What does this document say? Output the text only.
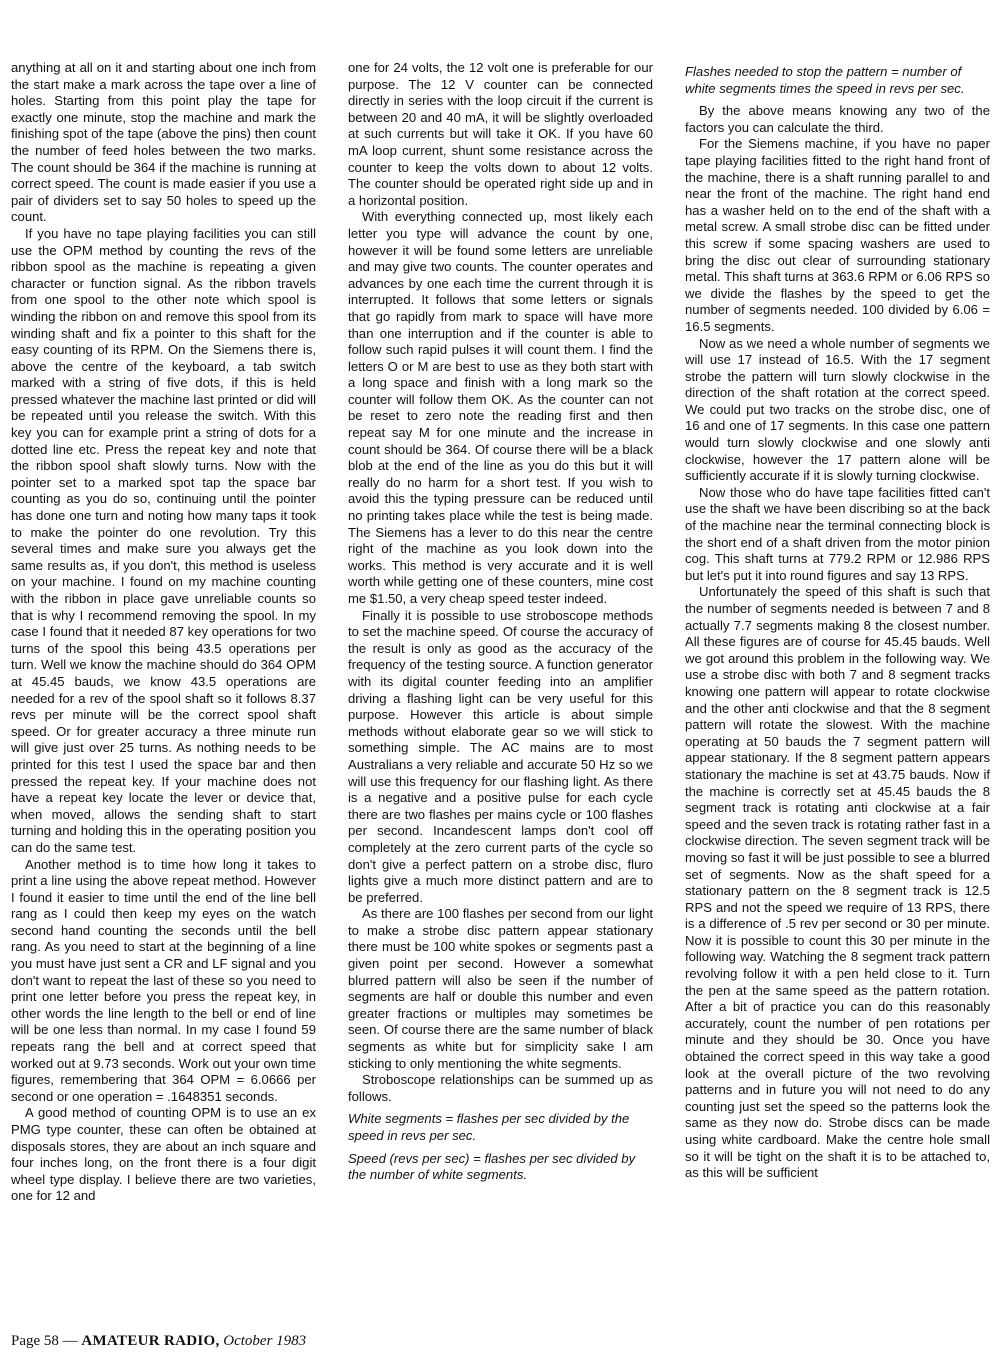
anything at all on it and starting about one inch from the start make a mark across the tape over a line of holes. Starting from this point play the tape for exactly one minute, stop the machine and mark the finishing spot of the tape (above the pins) then count the number of feed holes between the two marks. The count should be 364 if the machine is running at correct speed. The count is made easier if you use a pair of dividers set to say 50 holes to speed up the count.

If you have no tape playing facilities you can still use the OPM method by counting the revs of the ribbon spool as the machine is repeating a given character or function signal. As the ribbon travels from one spool to the other note which spool is winding the ribbon on and remove this spool from its winding shaft and fix a pointer to this shaft for the easy counting of its RPM. On the Siemens there is, above the centre of the keyboard, a tab switch marked with a string of five dots, if this is held pressed whatever the machine last printed or did will be repeated until you release the switch. With this key you can for example print a string of dots for a dotted line etc. Press the repeat key and note that the ribbon spool shaft slowly turns. Now with the pointer set to a marked spot tap the space bar counting as you do so, continuing until the pointer has done one turn and noting how many taps it took to make the pointer do one revolution. Try this several times and make sure you always get the same results as, if you don't, this method is useless on your machine. I found on my machine counting with the ribbon in place gave unreliable counts so that is why I recommend removing the spool. In my case I found that it needed 87 key operations for two turns of the spool this being 43.5 operations per turn. Well we know the machine should do 364 OPM at 45.45 bauds, we know 43.5 operations are needed for a rev of the spool shaft so it follows 8.37 revs per minute will be the correct spool shaft speed. Or for greater accuracy a three minute run will give just over 25 turns. As nothing needs to be printed for this test I used the space bar and then pressed the repeat key. If your machine does not have a repeat key locate the lever or device that, when moved, allows the sending shaft to start turning and holding this in the operating position you can do the same test.

Another method is to time how long it takes to print a line using the above repeat method. However I found it easier to time until the end of the line bell rang as I could then keep my eyes on the watch second hand counting the seconds until the bell rang. As you need to start at the beginning of a line you must have just sent a CR and LF signal and you don't want to repeat the last of these so you need to print one letter before you press the repeat key, in other words the line length to the bell or end of line will be one less than normal. In my case I found 59 repeats rang the bell and at correct speed that worked out at 9.73 seconds. Work out your own time figures, remembering that 364 OPM = 6.0666 per second or one operation = .1648351 seconds.

A good method of counting OPM is to use an ex PMG type counter, these can often be obtained at disposals stores, they are about an inch square and four inches long, on the front there is a four digit wheel type display. I believe there are two varieties, one for 12 and

one for 24 volts, the 12 volt one is preferable for our purpose. The 12 V counter can be connected directly in series with the loop circuit if the current is between 20 and 40 mA, it will be slightly overloaded at such currents but will take it OK. If you have 60 mA loop current, shunt some resistance across the counter to keep the volts down to about 12 volts. The counter should be operated right side up and in a horizontal position.

With everything connected up, most likely each letter you type will advance the count by one, however it will be found some letters are unreliable and may give two counts. The counter operates and advances by one each time the current through it is interrupted. It follows that some letters or signals that go rapidly from mark to space will have more than one interruption and if the counter is able to follow such rapid pulses it will count them. I find the letters O or M are best to use as they both start with a long space and finish with a long mark so the counter will follow them OK. As the counter can not be reset to zero note the reading first and then repeat say M for one minute and the increase in count should be 364. Of course there will be a black blob at the end of the line as you do this but it will really do no harm for a short test. If you wish to avoid this the typing pressure can be reduced until no printing takes place while the test is being made. The Siemens has a lever to do this near the centre right of the machine as you look down into the works. This method is very accurate and it is well worth while getting one of these counters, mine cost me $1.50, a very cheap speed tester indeed.

Finally it is possible to use stroboscope methods to set the machine speed. Of course the accuracy of the result is only as good as the accuracy of the frequency of the testing source. A function generator with its digital counter feeding into an amplifier driving a flashing light can be very useful for this purpose. However this article is about simple methods without elaborate gear so we will stick to something simple. The AC mains are to most Australians a very reliable and accurate 50 Hz so we will use this frequency for our flashing light. As there is a negative and a positive pulse for each cycle there are two flashes per mains cycle or 100 flashes per second. Incandescent lamps don't cool off completely at the zero current parts of the cycle so don't give a perfect pattern on a strobe disc, fluro lights give a much more distinct pattern and are to be preferred.

As there are 100 flashes per second from our light to make a strobe disc pattern appear stationary there must be 100 white spokes or segments past a given point per second. However a somewhat blurred pattern will also be seen if the number of segments are half or double this number and even greater fractions or multiples may sometimes be seen. Of course there are the same number of black segments as white but for simplicity sake I am sticking to only mentioning the white segments.

Stroboscope relationships can be summed up as follows.

White segments = flashes per sec divided by the speed in revs per sec.

Speed (revs per sec) = flashes per sec divided by the number of white segments.

Flashes needed to stop the pattern = number of white segments times the speed in revs per sec.

By the above means knowing any two of the factors you can calculate the third.

For the Siemens machine, if you have no paper tape playing facilities fitted to the right hand front of the machine, there is a shaft running parallel to and near the front of the machine. The right hand end has a washer held on to the end of the shaft with a metal screw. A small strobe disc can be fitted under this screw if some spacing washers are used to bring the disc out clear of surrounding stationary metal. This shaft turns at 363.6 RPM or 6.06 RPS so we divide the flashes by the speed to get the number of segments needed. 100 divided by 6.06 = 16.5 segments.

Now as we need a whole number of segments we will use 17 instead of 16.5. With the 17 segment strobe the pattern will turn slowly clockwise in the direction of the shaft rotation at the correct speed. We could put two tracks on the strobe disc, one of 16 and one of 17 segments. In this case one pattern would turn slowly clockwise and one slowly anti clockwise, however the 17 pattern alone will be sufficiently accurate if it is slowly turning clockwise.

Now those who do have tape facilities fitted can't use the shaft we have been discribing so at the back of the machine near the terminal connecting block is the short end of a shaft driven from the motor pinion cog. This shaft turns at 779.2 RPM or 12.986 RPS but let's put it into round figures and say 13 RPS.

Unfortunately the speed of this shaft is such that the number of segments needed is between 7 and 8 actually 7.7 segments making 8 the closest number. All these figures are of course for 45.45 bauds. Well we got around this problem in the following way. We use a strobe disc with both 7 and 8 segment tracks knowing one pattern will appear to rotate clockwise and the other anti clockwise and that the 8 segment pattern will rotate the slowest. With the machine operating at 50 bauds the 7 segment pattern will appear stationary. If the 8 segment pattern appears stationary the machine is set at 43.75 bauds. Now if the machine is correctly set at 45.45 bauds the 8 segment track is rotating anti clockwise at a fair speed and the seven track is rotating rather fast in a clockwise direction. The seven segment track will be moving so fast it will be just possible to see a blurred set of segments. Now as the shaft speed for a stationary pattern on the 8 segment track is 12.5 RPS and not the speed we require of 13 RPS, there is a difference of .5 rev per second or 30 per minute. Now it is possible to count this 30 per minute in the following way. Watching the 8 segment track pattern revolving follow it with a pen held close to it. Turn the pen at the same speed as the pattern rotation. After a bit of practice you can do this reasonably accurately, count the number of pen rotations per minute and they should be 30. Once you have obtained the correct speed in this way take a good look at the overall picture of the two revolving patterns and in future you will not need to do any counting just set the speed so the patterns look the same as they now do. Strobe discs can be made using white cardboard. Make the centre hole small so it will be tight on the shaft it is to be attached to, as this will be sufficient

Page 58 — AMATEUR RADIO, October 1983
